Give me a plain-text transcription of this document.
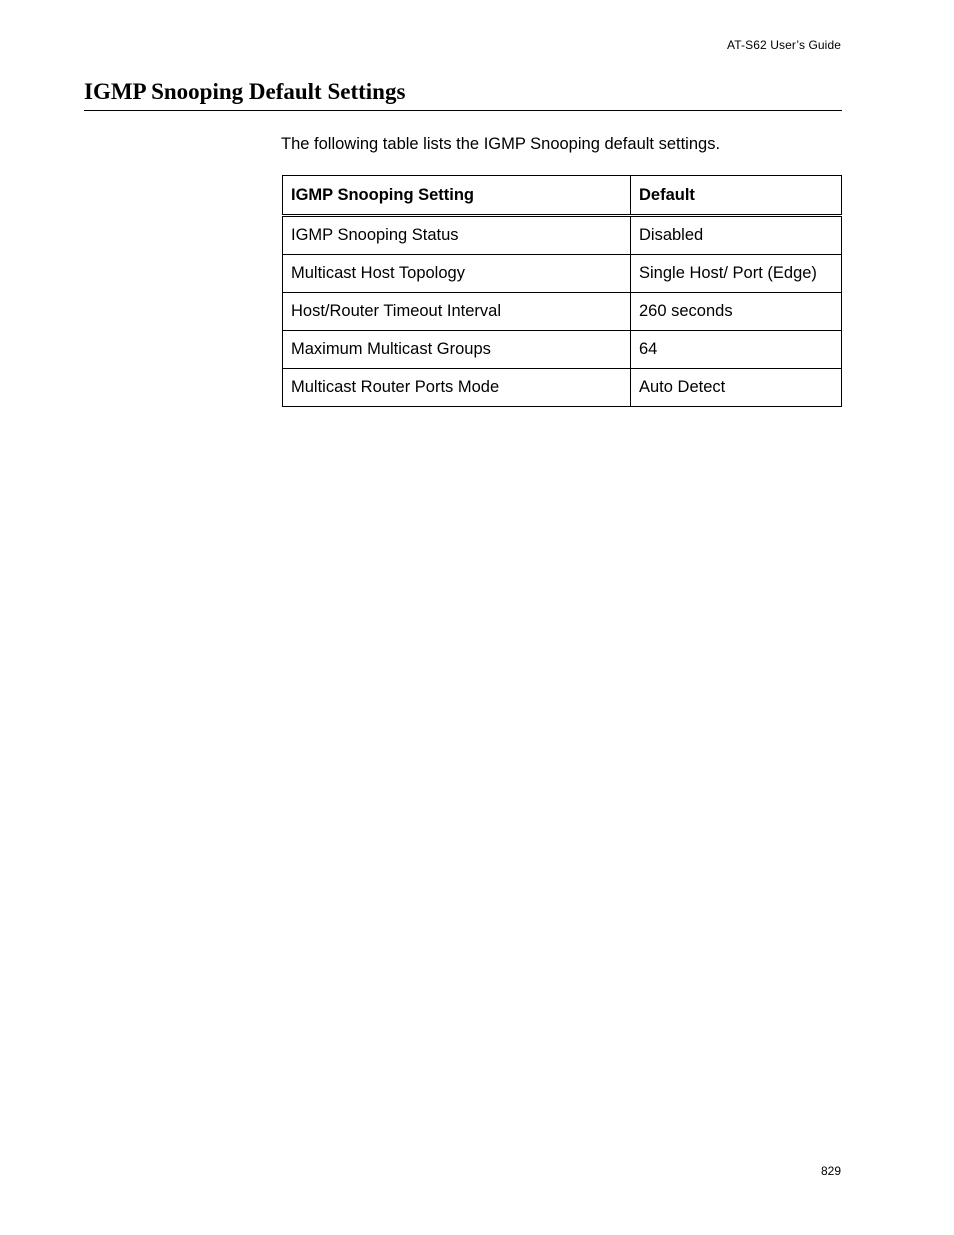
AT-S62 User’s Guide
IGMP Snooping Default Settings

The following table lists the IGMP Snooping default settings.

IGMP Snooping Setting	Default
IGMP Snooping Status	Disabled
Multicast Host Topology	Single Host/ Port (Edge)
Host/Router Timeout Interval	260 seconds
Maximum Multicast Groups	64
Multicast Router Ports Mode	Auto Detect
829
